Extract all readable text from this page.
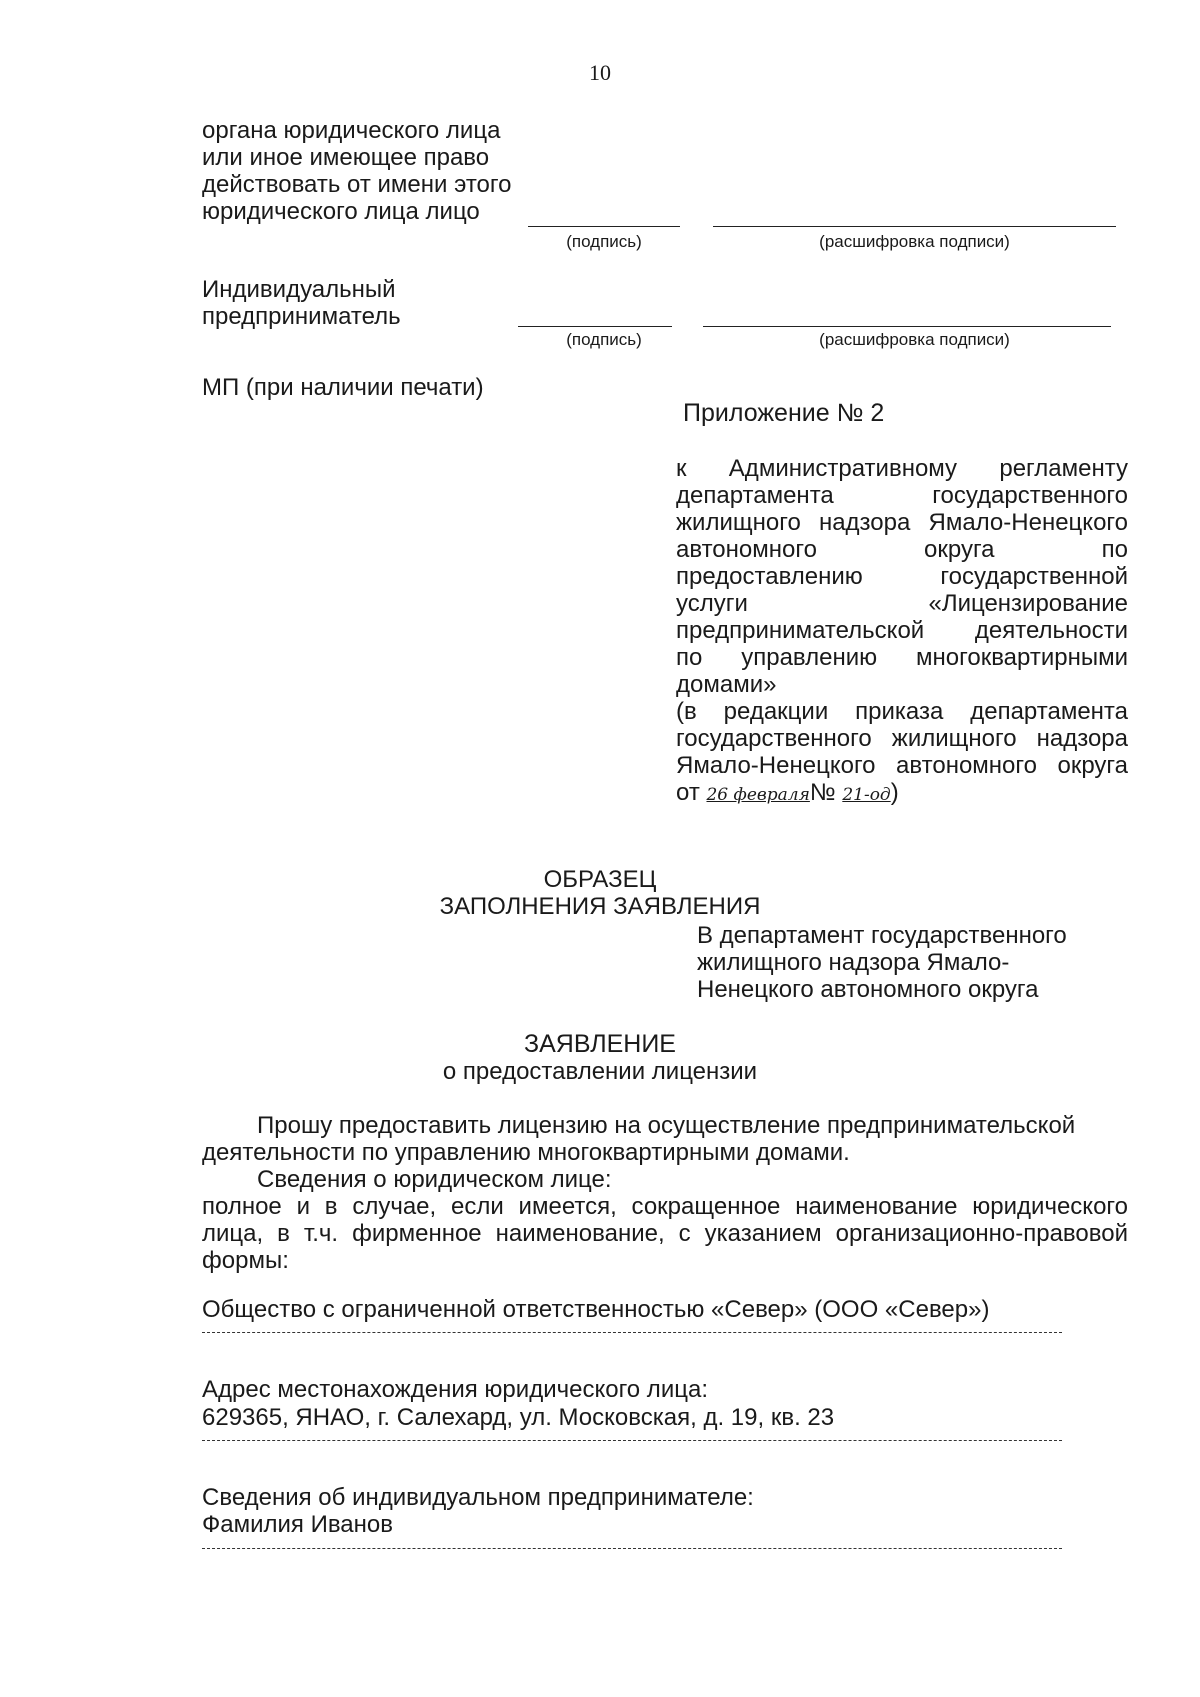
10
органа юридического лица
или иное имеющее право
действовать от имени этого
юридического лица лицо
(подпись)	(расшифровка подписи)
Индивидуальный
предприниматель
(подпись)	(расшифровка подписи)
МП (при наличии печати)
Приложение № 2

к Административному регламенту

департамента государственного

жилищного надзора Ямало-Ненецкого

автономного округа по

предоставлению государственной

услуги «Лицензирование

предпринимательской деятельности

по управлению многоквартирными

домами»

(в редакции приказа департамента

государственного жилищного надзора

Ямало-Ненецкого автономного округа

от 26 февраля№ 21-од)

ОБРАЗЕЦ
ЗАПОЛНЕНИЯ ЗАЯВЛЕНИЯ
В департамент государственного
жилищного надзора Ямало-
Ненецкого автономного округа
ЗАЯВЛЕНИЕ
о предоставлении лицензии
Прошу предоставить лицензию на осуществление предпринимательской
деятельности по управлению многоквартирными домами.
Сведения о юридическом лице:
полное и в случае, если имеется, сокращенное наименование юридического
лица, в т.ч. фирменное наименование, с указанием организационно-правовой
формы:
Общество с ограниченной ответственностью «Север» (ООО «Север»)
Адрес местонахождения юридического лица:
629365, ЯНАО, г. Салехард, ул. Московская, д. 19, кв. 23
Сведения об индивидуальном предпринимателе:
Фамилия Иванов
